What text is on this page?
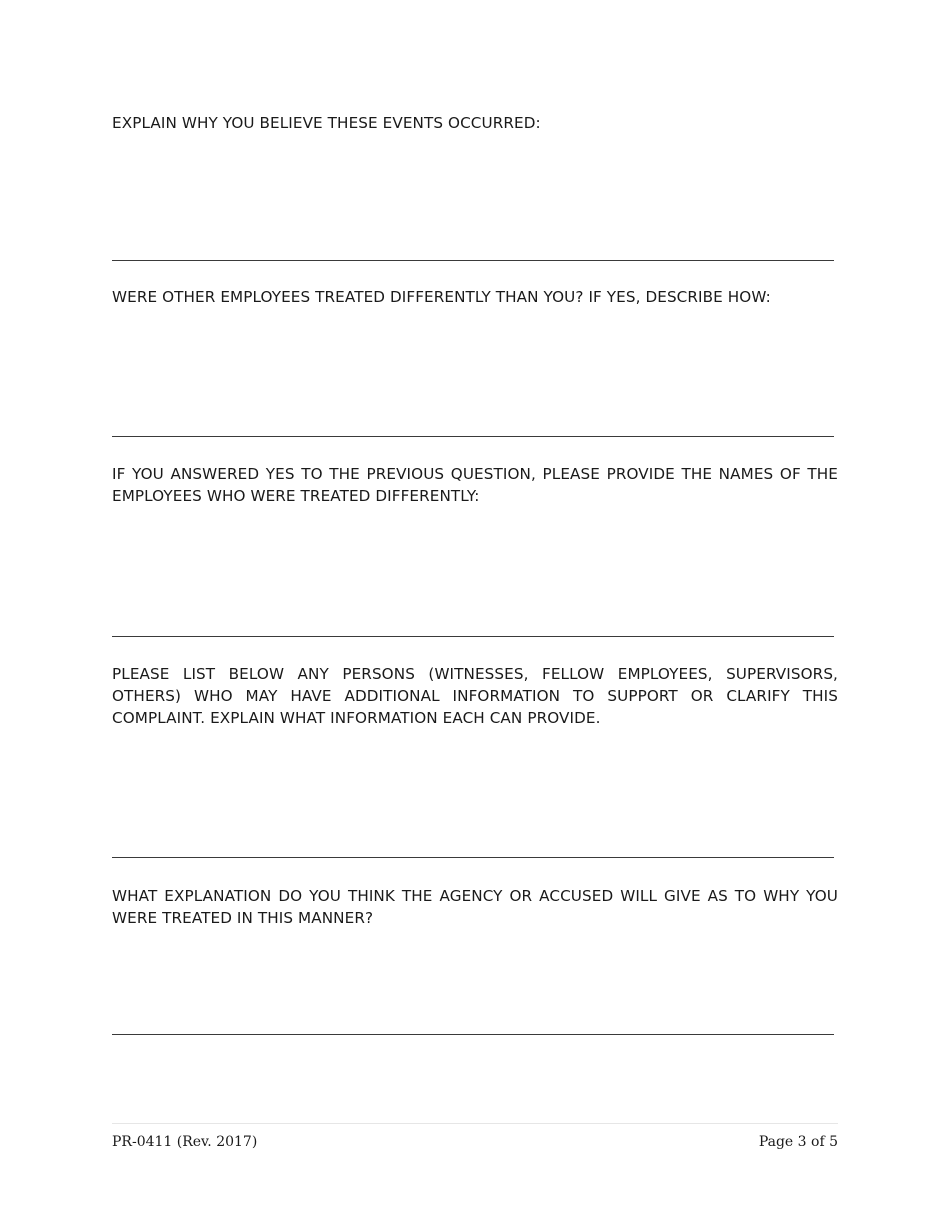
EXPLAIN WHY YOU BELIEVE THESE EVENTS OCCURRED:
WERE OTHER EMPLOYEES TREATED DIFFERENTLY THAN YOU? IF YES, DESCRIBE HOW:
IF YOU ANSWERED YES TO THE PREVIOUS QUESTION, PLEASE PROVIDE THE NAMES OF THE EMPLOYEES WHO WERE TREATED DIFFERENTLY:
PLEASE LIST BELOW ANY PERSONS (WITNESSES, FELLOW EMPLOYEES, SUPERVISORS, OTHERS) WHO MAY HAVE ADDITIONAL INFORMATION TO SUPPORT OR CLARIFY THIS COMPLAINT. EXPLAIN WHAT INFORMATION EACH CAN PROVIDE.
WHAT EXPLANATION DO YOU THINK THE AGENCY OR ACCUSED WILL GIVE AS TO WHY YOU WERE TREATED IN THIS MANNER?
PR-0411 (Rev. 2017)	Page 3 of 5
